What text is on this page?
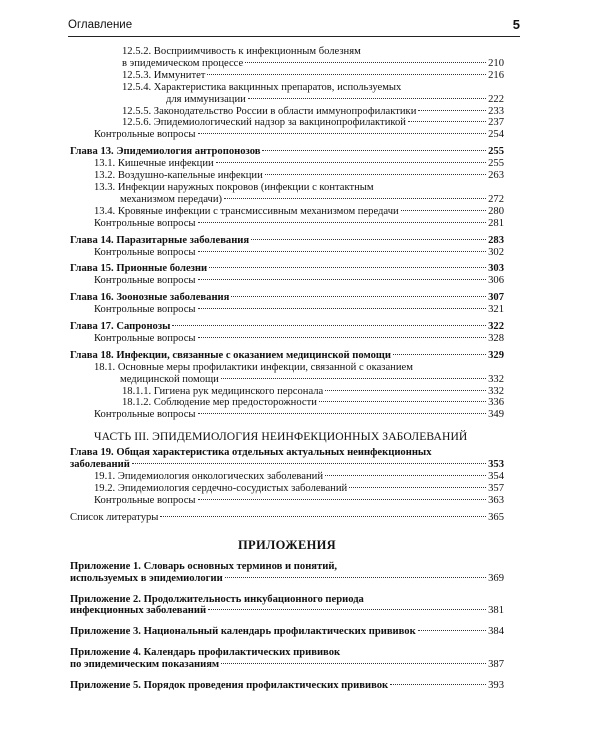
Оглавление	5
12.5.2. Восприимчивость к инфекционным болезням
в эпидемическом процессе	210
12.5.3. Иммунитет	216
12.5.4. Характеристика вакцинных препаратов, используемых
для иммунизации	222
12.5.5. Законодательство России в области иммунопрофилактики	233
12.5.6. Эпидемиологический надзор за вакцинопрофилактикой	237
Контрольные вопросы	254
Глава 13. Эпидемиология антропонозов	255
13.1. Кишечные инфекции	255
13.2. Воздушно-капельные инфекции	263
13.3. Инфекции наружных покровов (инфекции с контактным
механизмом передачи)	272
13.4. Кровяные инфекции с трансмиссивным механизмом передачи	280
Контрольные вопросы	281
Глава 14. Паразитарные заболевания	283
Контрольные вопросы	302
Глава 15. Прионные болезни	303
Контрольные вопросы	306
Глава 16. Зоонозные заболевания	307
Контрольные вопросы	321
Глава 17. Сапронозы	322
Контрольные вопросы	328
Глава 18. Инфекции, связанные с оказанием медицинской помощи	329
18.1. Основные меры профилактики инфекции, связанной с оказанием
медицинской помощи	332
18.1.1. Гигиена рук медицинского персонала	332
18.1.2. Соблюдение мер предосторожности	336
Контрольные вопросы	349
ЧАСТЬ III. ЭПИДЕМИОЛОГИЯ НЕИНФЕКЦИОННЫХ ЗАБОЛЕВАНИЙ
Глава 19. Общая характеристика отдельных актуальных неинфекционных
заболеваний	353
19.1. Эпидемиология онкологических заболеваний	354
19.2. Эпидемиология сердечно-сосудистых заболеваний	357
Контрольные вопросы	363
Список литературы	365
ПРИЛОЖЕНИЯ
Приложение 1. Словарь основных терминов и понятий,
используемых в эпидемиологии	369
Приложение 2. Продолжительность инкубационного периода
инфекционных заболеваний	381
Приложение 3. Национальный календарь профилактических прививок	384
Приложение 4. Календарь профилактических прививок
по эпидемическим показаниям	387
Приложение 5. Порядок проведения профилактических прививок	393
